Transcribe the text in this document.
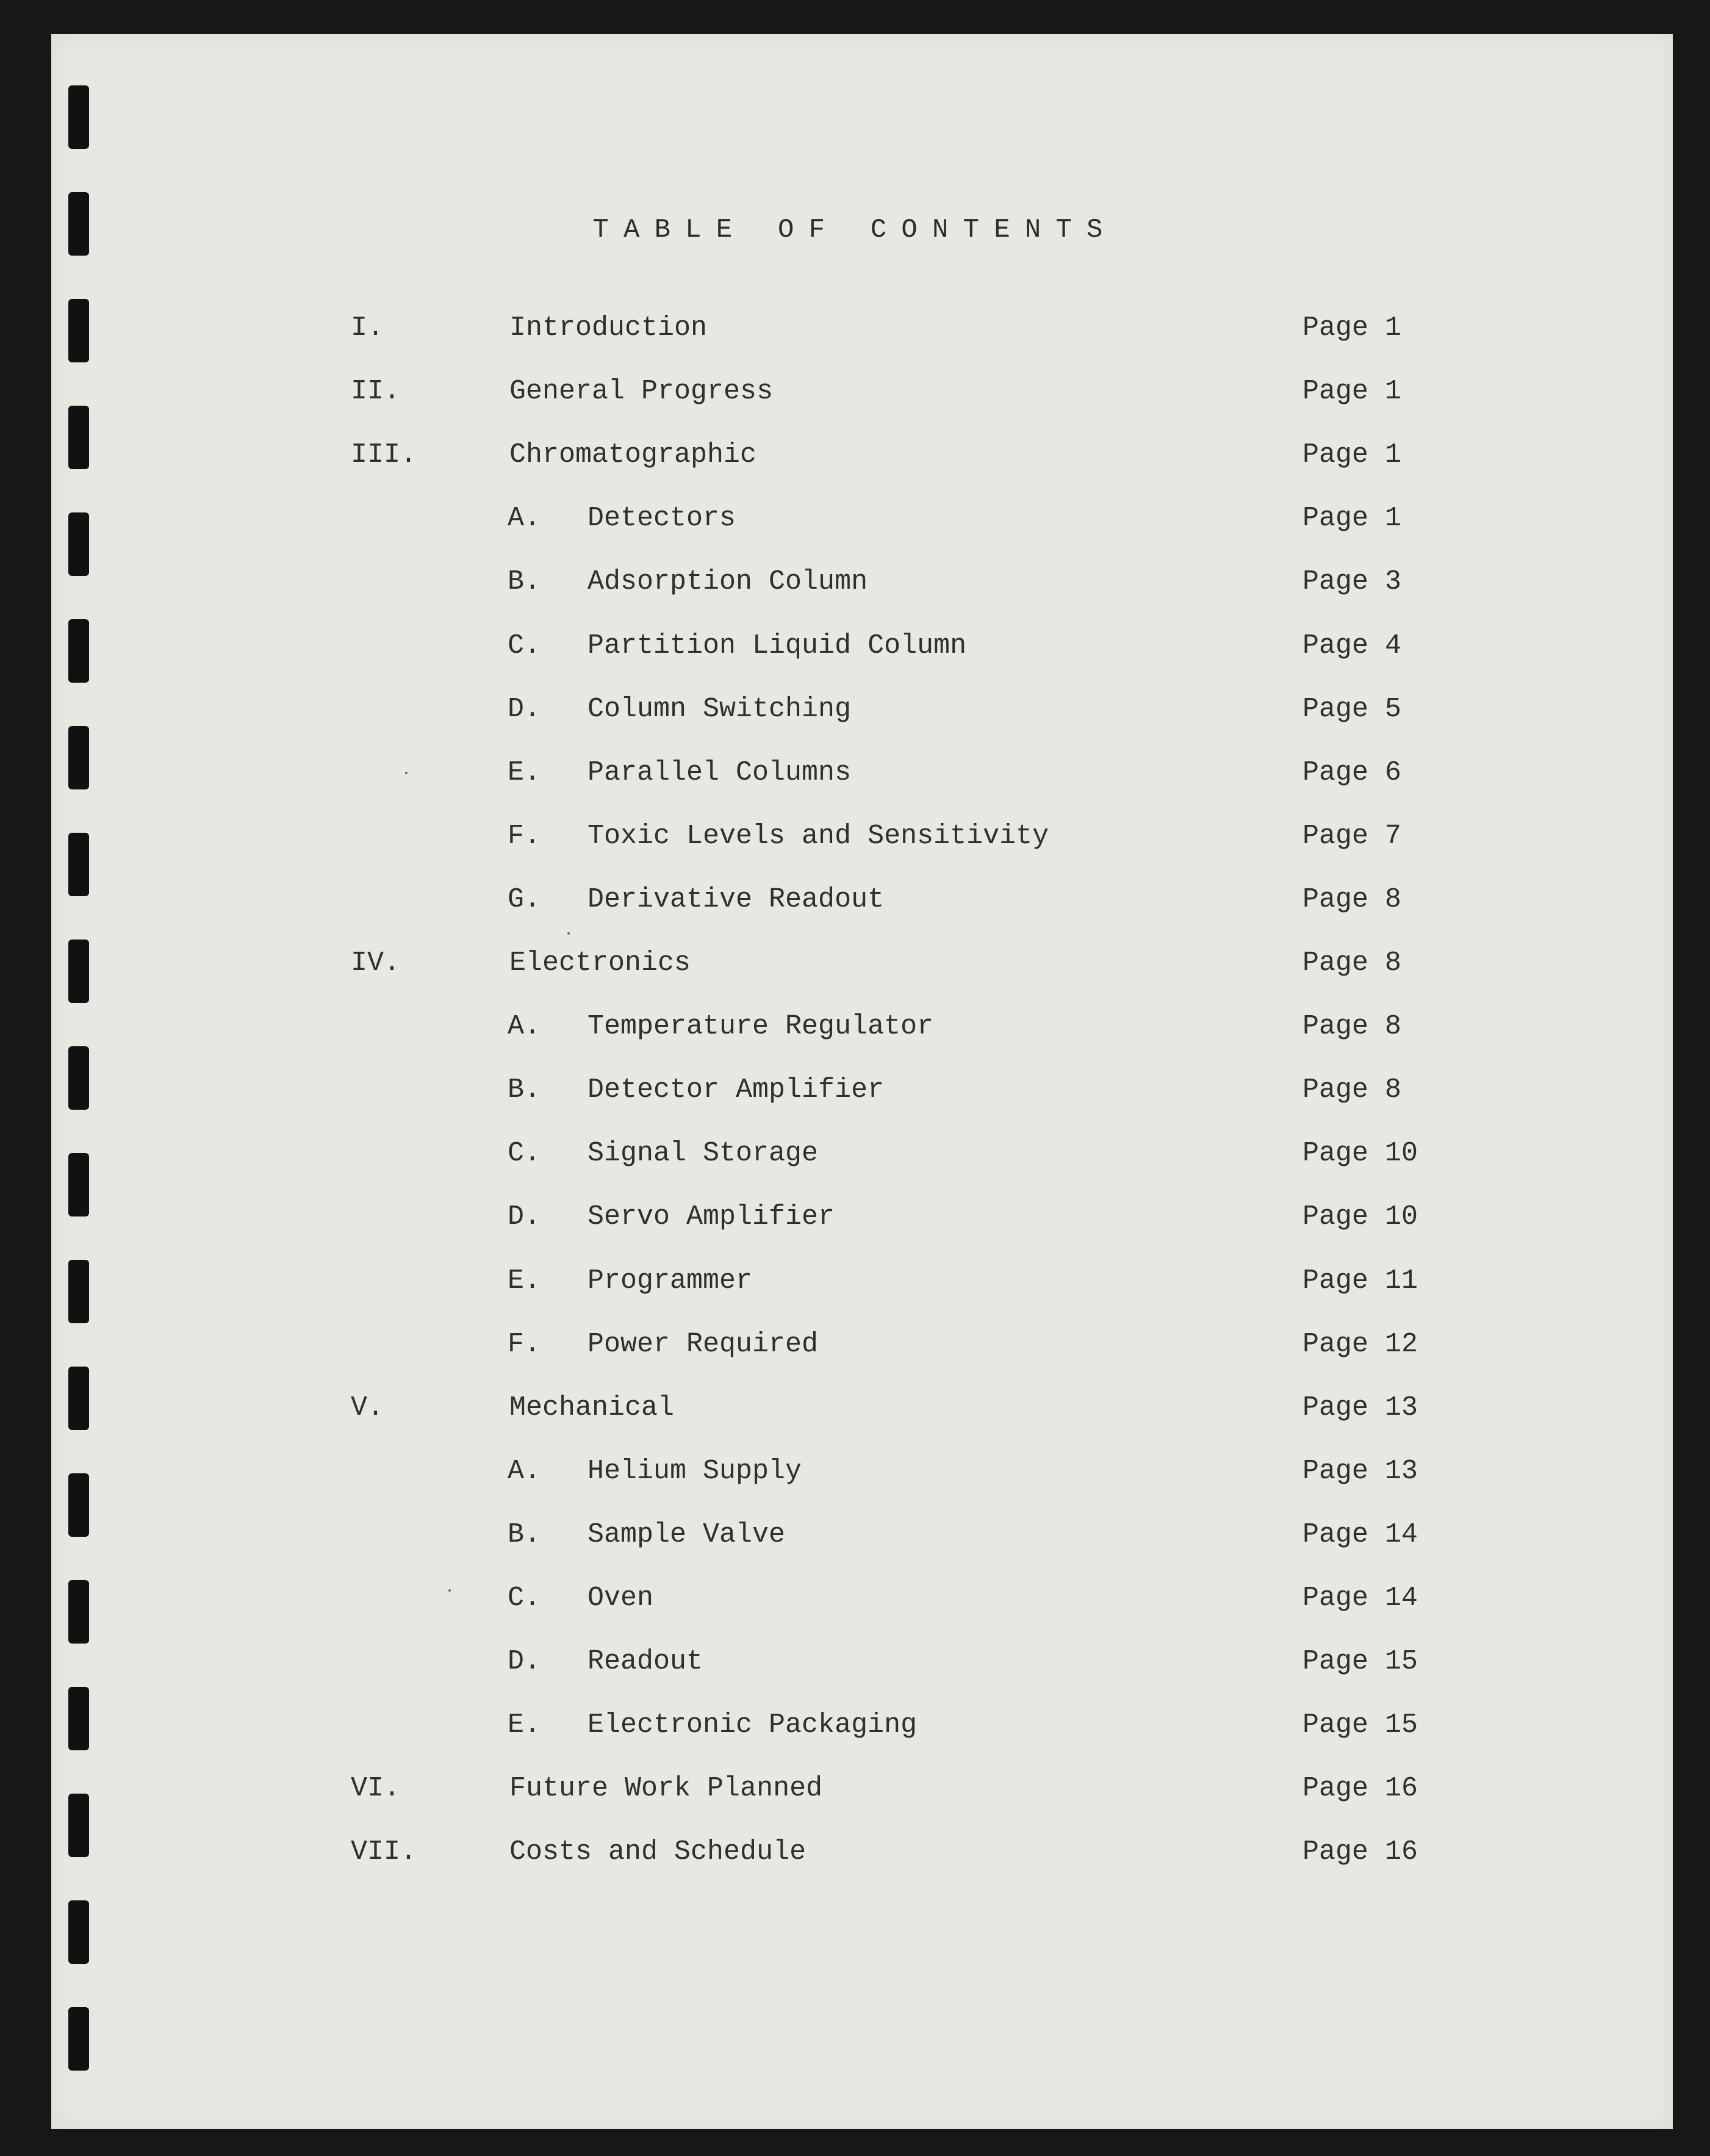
TABLE OF CONTENTS
I.	Introduction	Page 1
II.	General Progress	Page 1
III.	Chromatographic	Page 1
A. Detectors	Page 1
B. Adsorption Column	Page 3
C. Partition Liquid Column	Page 4
D. Column Switching	Page 5
E. Parallel Columns	Page 6
F. Toxic Levels and Sensitivity	Page 7
G. Derivative Readout	Page 8
IV.	Electronics	Page 8
A. Temperature Regulator	Page 8
B. Detector Amplifier	Page 8
C. Signal Storage	Page 10
D. Servo Amplifier	Page 10
E. Programmer	Page 11
F. Power Required	Page 12
V.	Mechanical	Page 13
A. Helium Supply	Page 13
B. Sample Valve	Page 14
C. Oven	Page 14
D. Readout	Page 15
E. Electronic Packaging	Page 15
VI.	Future Work Planned	Page 16
VII.	Costs and Schedule	Page 16
